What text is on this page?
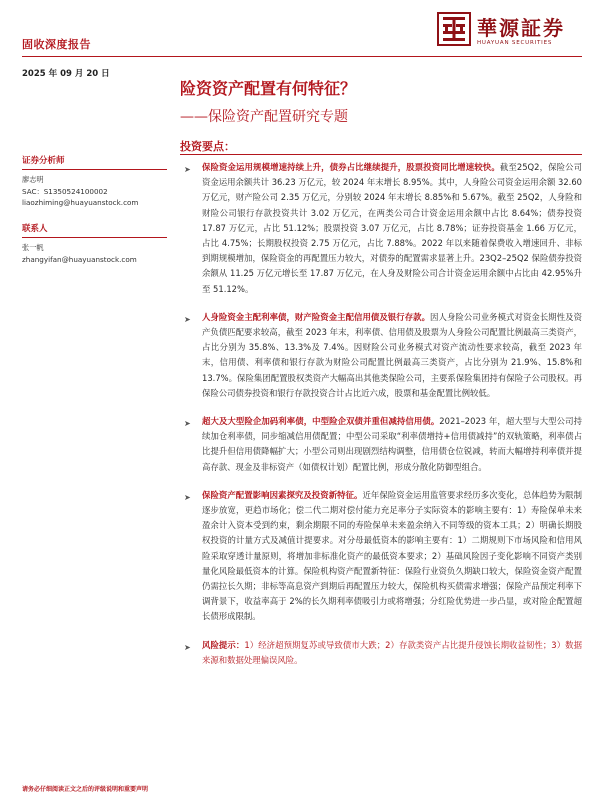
固收深度报告
華源証券
HUAYUAN SECURITIES
2025 年 09 月 20 日
险资资产配置有何特征？
——保险资产配置研究专题
投资要点：
证券分析师
廖志明
SAC：S1350524100002
liaozhiming@huayuanstock.com
联系人
张一帆
zhangyifan@huayuanstock.com
➤ 保险资金运用规模增速持续上升，债券占比继续提升，股票投资同比增速较快。截至25Q2，保险公司资金运用余额共计 36.23 万亿元，较 2024 年末增长 8.95%。其中，人身险公司资金运用余额 32.60 万亿元，财产险公司 2.35 万亿元，分别较 2024 年末增长 8.85%和 5.67%。截至 25Q2，人身险和财险公司银行存款投资共计 3.02 万亿元，在两类公司合计资金运用余额中占比 8.64%；债券投资 17.87 万亿元，占比 51.12%；股票投资 3.07 万亿元，占比 8.78%；证券投资基金 1.66 万亿元，占比 4.75%；长期股权投资 2.75 万亿元，占比 7.88%。2022 年以来随着保费收入增速回升、非标到期规模增加，保险资金的再配置压力较大，对债券的配置需求显著上升。23Q2–25Q2 保险债券投资余额从 11.25 万亿元增长至 17.87 万亿元，在人身及财险公司合计资金运用余额中占比由 42.95%升至 51.12%。
➤ 人身险资金主配利率债，财产险资金主配信用债及银行存款。因人身险公司业务模式对资金长期性及资产负债匹配要求较高，截至 2023 年末，利率债、信用债及股票为人身险公司配置比例最高三类资产，占比分别为 35.8%、13.3%及 7.4%。因财险公司业务模式对资产流动性要求较高，截至 2023 年末，信用债、利率债和银行存款为财险公司配置比例最高三类资产，占比分别为 21.9%、15.8%和 13.7%。保险集团配置股权类资产大幅高出其他类保险公司，主要系保险集团持有保险子公司股权。再保险公司债券投资和银行存款投资合计占比近六成，股票和基金配置比例较低。
➤ 超大及大型险企加码利率债，中型险企双债并重但减持信用债。2021–2023 年，超大型与大型公司持续加仓利率债，同步缩减信用债配置；中型公司采取“利率债增持+信用债减持”的双轨策略，利率债占比提升但信用债降幅扩大；小型公司则出现剧烈结构调整，信用债仓位锐减，转而大幅增持利率债并提高存款、现金及非标资产（如债权计划）配置比例，形成分散化防御型组合。
➤ 保险资产配置影响因素探究及投资新特征。近年保险资金运用监管要求经历多次变化，总体趋势为限制逐步放宽，更趋市场化；偿二代二期对偿付能力充足率分子实际资本的影响主要有：1）寿险保单未来盈余计入资本受到约束，剩余期限不同的寿险保单未来盈余纳入不同等级的资本工具；2）明确长期股权投资的计量方式及减值计提要求。对分母最低资本的影响主要有：1）二期规则下市场风险和信用风险采取穿透计量原则，将增加非标准化资产的最低资本要求；2）基础风险因子变化影响不同资产类别量化风险最低资本的计算。保险机构资产配置新特征：保险行业资负久期缺口较大，保险资金资产配置仍需拉长久期；非标等高息资产到期后再配置压力较大，保险机构买债需求增强；保险产品预定利率下调背景下，收益率高于 2%的长久期利率债吸引力或将增强；分红险优势进一步凸显，或对险企配置超长债形成限制。
➤ 风险提示：1）经济超预期复苏或导致债市大跌；2）存款类资产占比提升侵蚀长期收益韧性；3）数据来源和数据处理偏误风险。
请务必仔细阅读正文之后的评级说明和重要声明
